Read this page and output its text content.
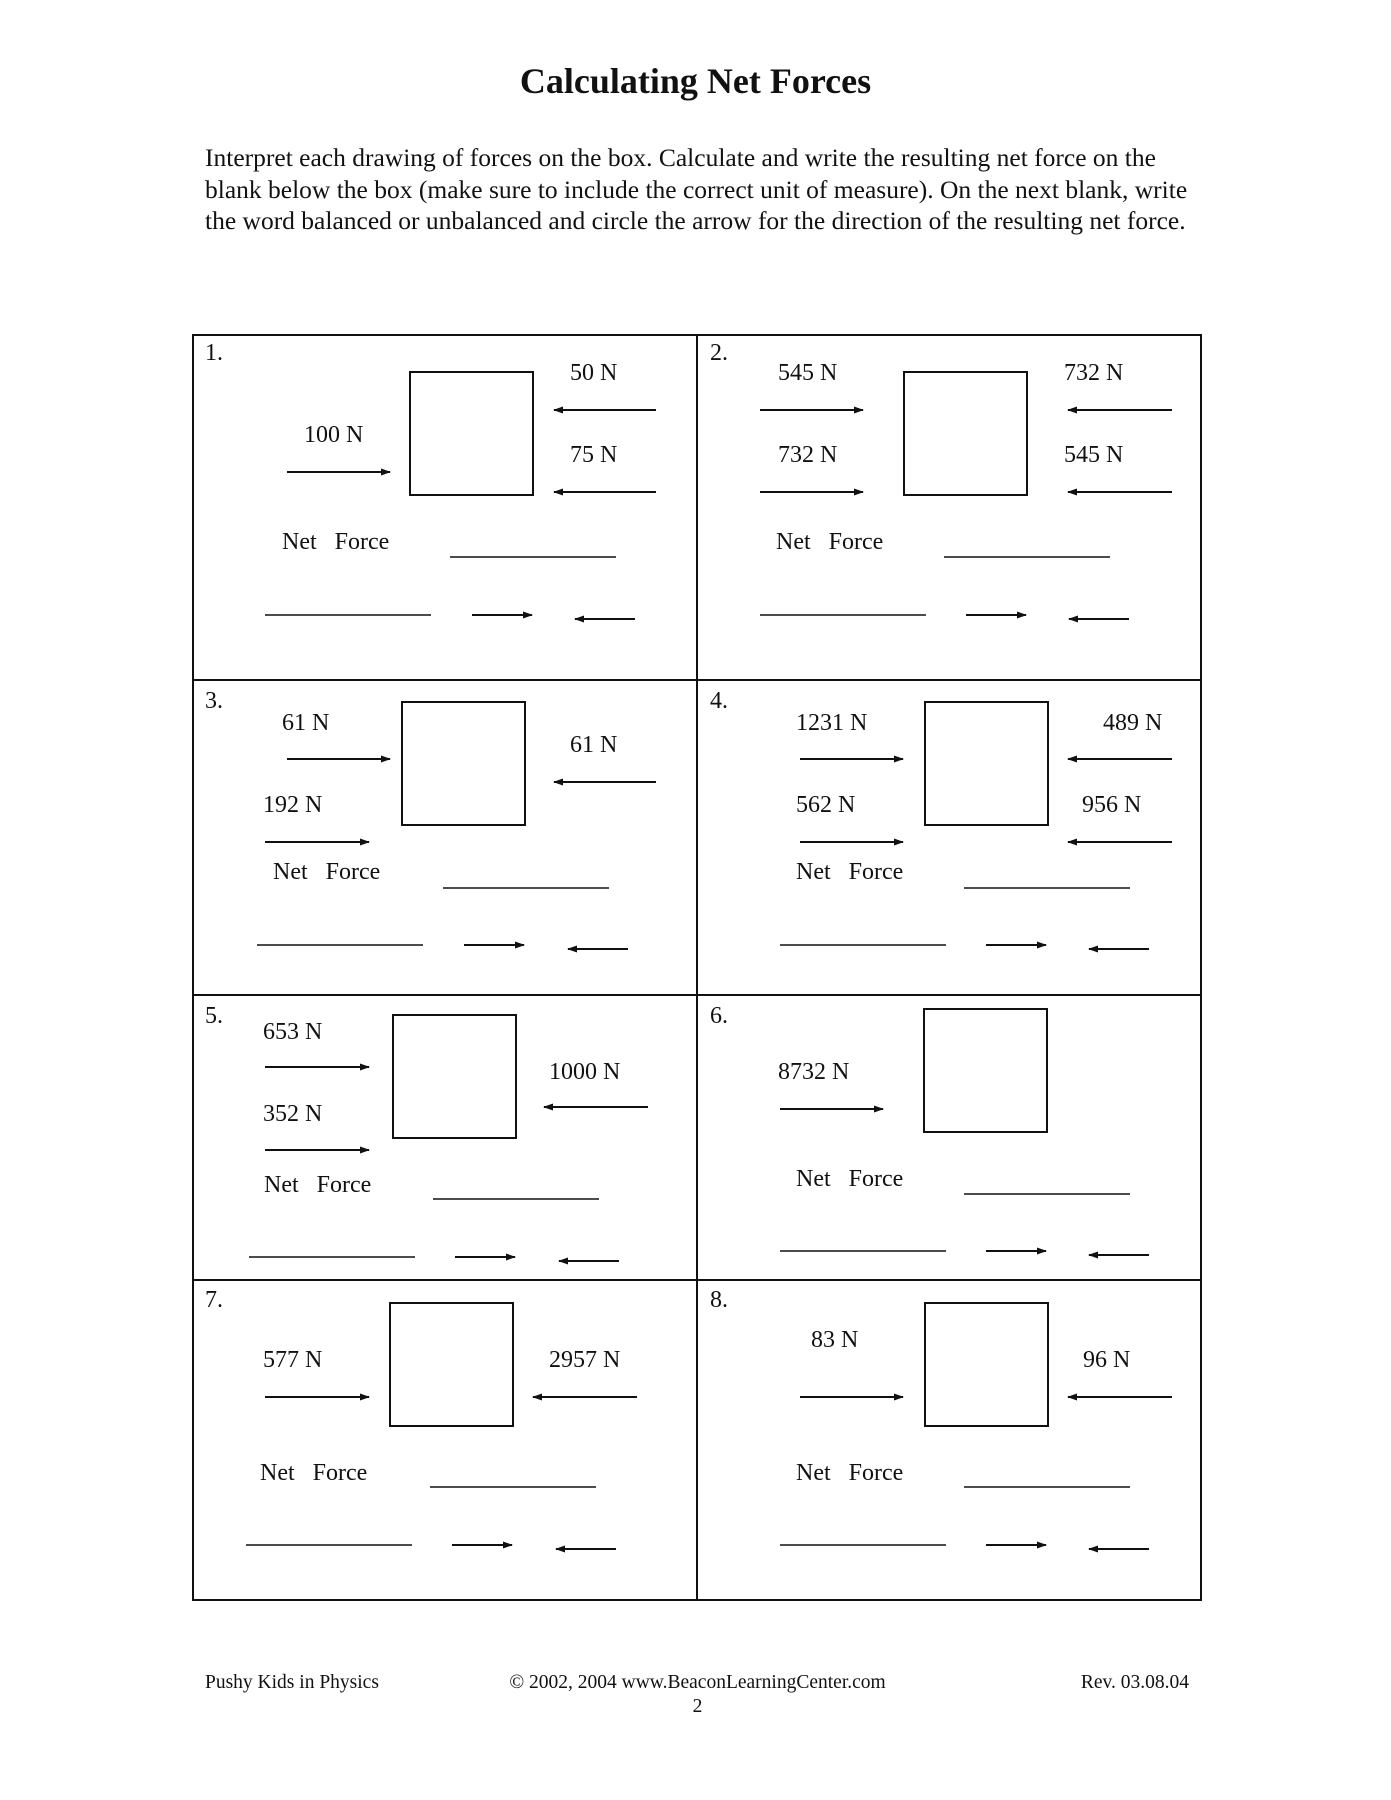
Calculating Net Forces

Interpret each drawing of forces on the box. Calculate and write the resulting net force on the blank below the box (make sure to include the correct unit of measure). On the next blank, write the word balanced or unbalanced and circle the arrow for the direction of the resulting net force.

1.
100 N
50 N
75 N
Net   Force
2.
545 N
732 N
732 N
545 N
Net   Force
3.
61 N
192 N
61 N
Net   Force
4.
1231 N
562 N
489 N
956 N
Net   Force
5.
653 N
352 N
1000 N
Net   Force
6.
8732 N
Net   Force
7.
577 N	2957 N
Net   Force
8.
83 N
96 N
Net   Force
Pushy Kids in Physics	© 2002, 2004 www.BeaconLearningCenter.com	Rev. 03.08.04
2
